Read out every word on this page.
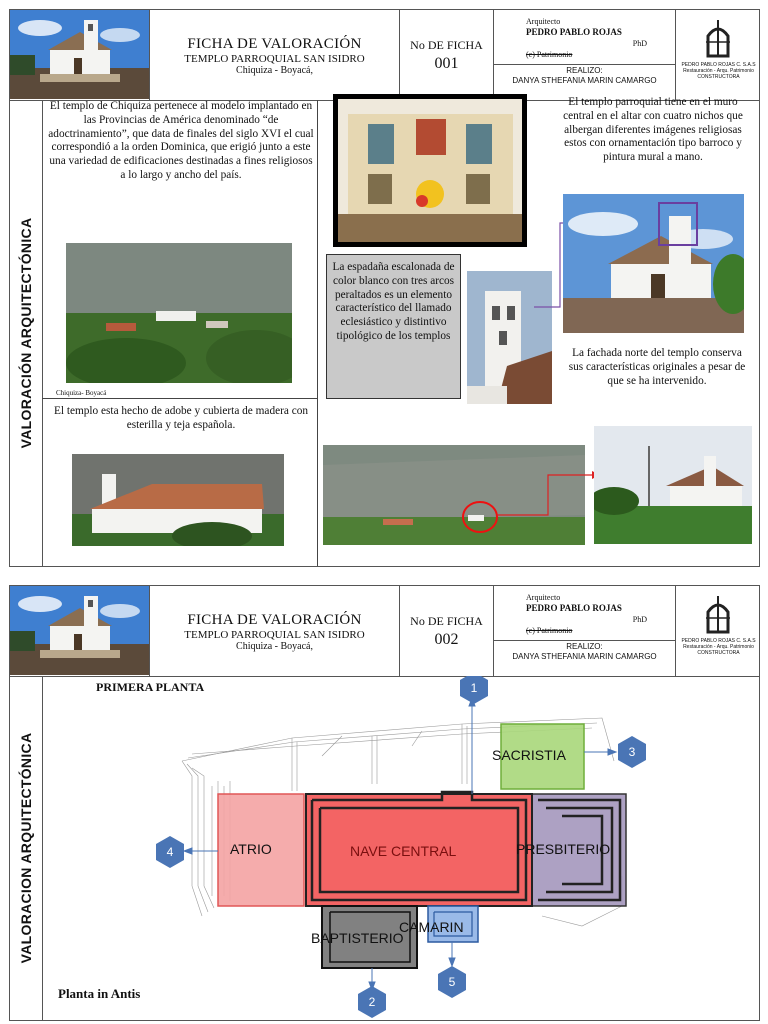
FICHA DE VALORACIÓN
TEMPLO PARROQUIAL SAN ISIDRO
Chiquiza - Boyacá,
No DE FICHA
001
Arquitecto
PEDRO PABLO ROJAS
PhD
(c) Patrimonio
REALIZO:
DANYA STHEFANIA MARIN CAMARGO
PEDRO PABLO ROJAS C. S.A.S
Restauración - Arqu. Patrimonio
CONSTRUCTORA
VALORACIÓN ARQUITECTÓNICA
El templo de Chiquiza pertenece al modelo implantado en las Provincias de América denominado “de adoctrinamiento”, que data de finales del siglo XVI el cual correspondió a la orden Dominica, que erigió junto a este una variedad de edificaciones destinadas a fines religiosos a lo largo y ancho del país.
Chiquiza- Boyacá
El templo esta hecho de adobe y cubierta de madera con esterilla y teja española.
La espadaña escalonada de color blanco con tres arcos peraltados es un elemento característico del llamado eclesiástico y distintivo tipológico de los templos
El templo parroquial tiene en el muro central en el altar con cuatro nichos que albergan diferentes imágenes religiosas estos con ornamentación tipo barroco y pintura mural a mano.
La fachada norte del templo conserva sus características originales a pesar de que se ha intervenido.
FICHA DE VALORACIÓN
TEMPLO PARROQUIAL SAN ISIDRO
Chiquiza - Boyacá,
No DE FICHA
002
Arquitecto
PEDRO PABLO ROJAS
PhD
(c) Patrimonio
REALIZO:
DANYA STHEFANIA MARIN CAMARGO
PEDRO PABLO ROJAS C. S.A.S
Restauración - Arqu. Patrimonio
CONSTRUCTORA
VALORACION ARQUITECTÓNICA
PRIMERA PLANTA
Planta in Antis
1
3
4
2
5
ATRIO	NAVE CENTRAL	PRESBITERIO
SACRISTIA
BAPTISTERIO
CAMARIN
